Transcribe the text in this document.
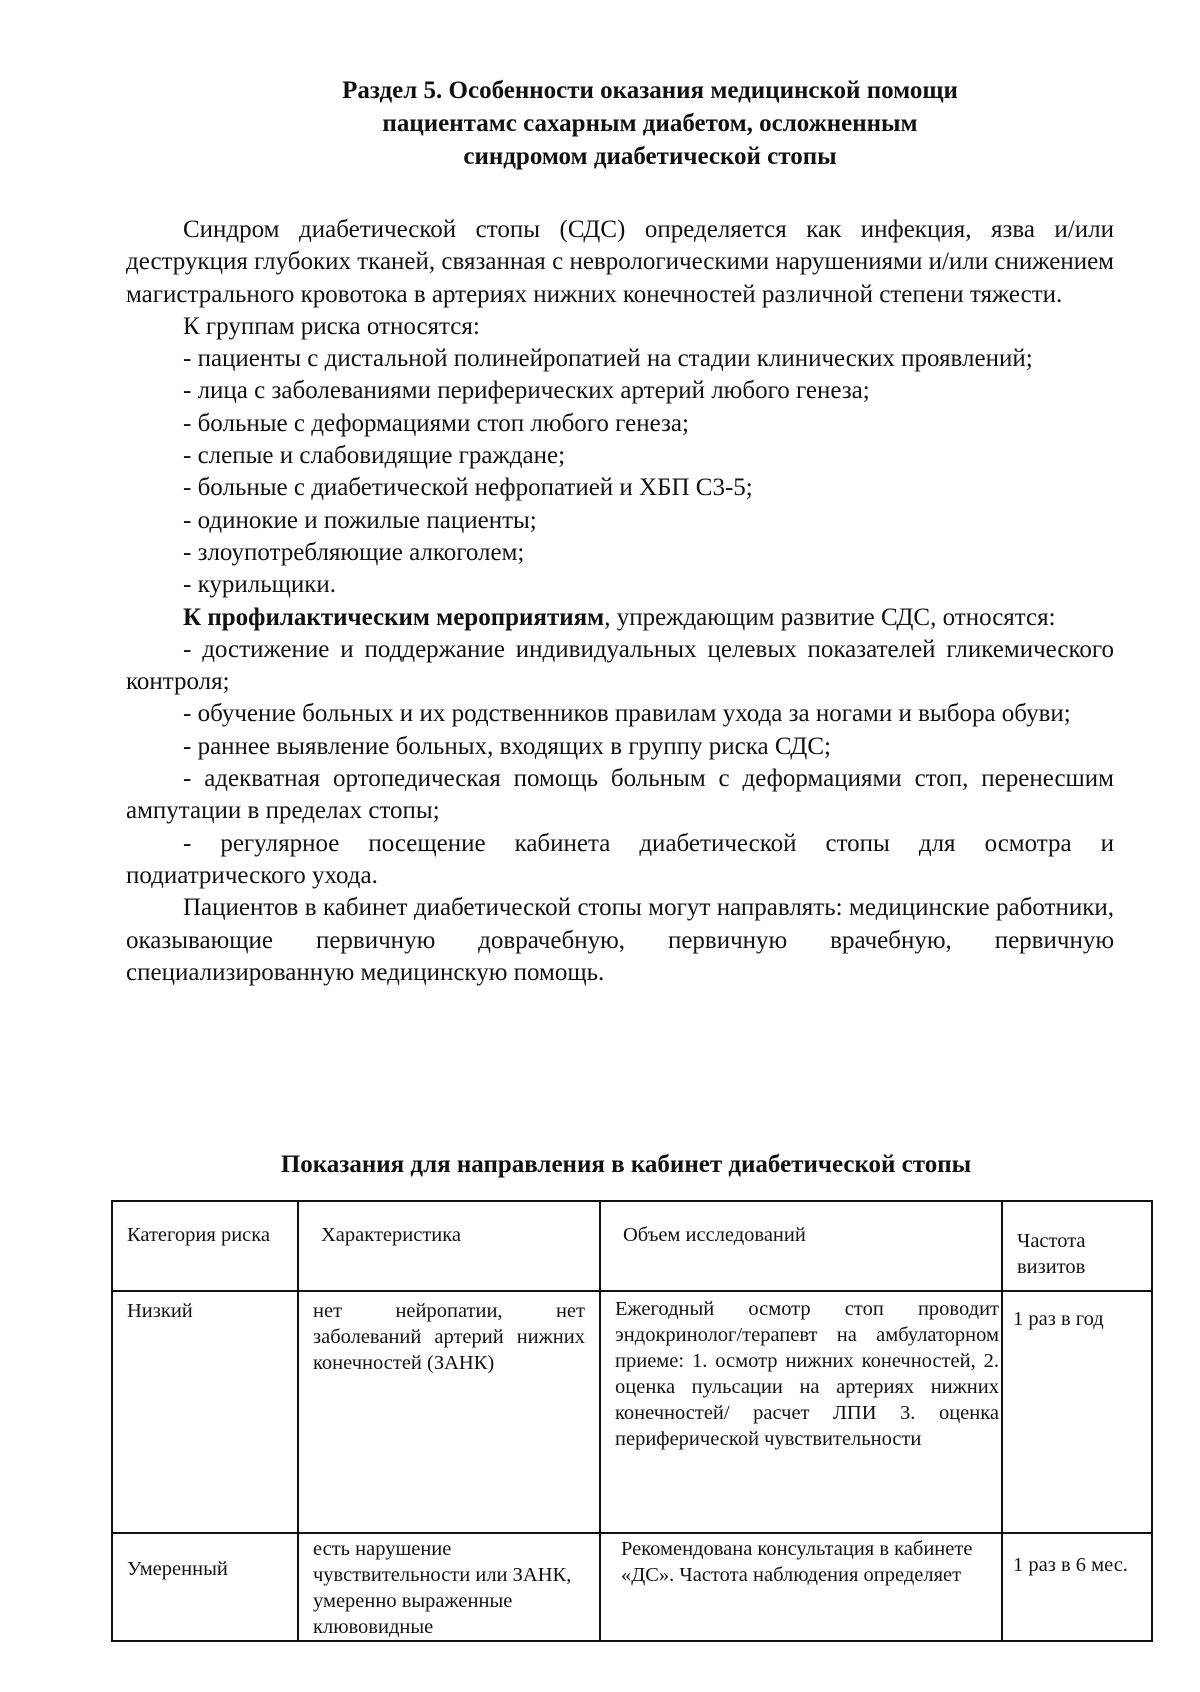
Раздел 5. Особенности оказания медицинской помощи
пациентамс сахарным диабетом, осложненным
синдромом диабетической стопы

Синдром диабетической стопы (СДС) определяется как инфекция, язва и/или деструкция глубоких тканей, связанная с неврологическими нарушениями и/или снижением магистрального кровотока в артериях нижних конечностей различной степени тяжести.

К группам риска относятся:

- пациенты с дистальной полинейропатией на стадии клинических проявлений;

- лица с заболеваниями периферических артерий любого генеза;

- больные с деформациями стоп любого генеза;

- слепые и слабовидящие граждане;

- больные с диабетической нефропатией и ХБП С3-5;

- одинокие и пожилые пациенты;

- злоупотребляющие алкоголем;

- курильщики.

К профилактическим мероприятиям, упреждающим развитие СДС, относятся:

- достижение и поддержание индивидуальных целевых показателей гликемического контроля;

- обучение больных и их родственников правилам ухода за ногами и выбора обуви;

- раннее выявление больных, входящих в группу риска СДС;

- адекватная ортопедическая помощь больным с деформациями стоп, перенесшим ампутации в пределах стопы;

- регулярное посещение кабинета диабетической стопы для осмотра и подиатрического ухода.

Пациентов в кабинет диабетической стопы могут направлять: медицинские работники, оказывающие первичную доврачебную, первичную врачебную, первичную специализированную медицинскую помощь.

Показания для направления в кабинет диабетической стопы
Категория риска	Характеристика	Объем исследований	Частота визитов
Низкий	нет нейропатии, нет заболеваний артерий нижних конечностей (ЗАНК)	Ежегодный осмотр стоп проводит эндокринолог/терапевт на амбулаторном приеме: 1. осмотр нижних конечностей, 2. оценка пульсации на артериях нижних конечностей/ расчет ЛПИ 3. оценка периферической чувствительности	1 раз в год
Умеренный	есть нарушение чувствительности или ЗАНК, умеренно выраженные клювовидные	Рекомендована консультация в кабинете «ДС». Частота наблюдения определяет	1 раз в 6 мес.
